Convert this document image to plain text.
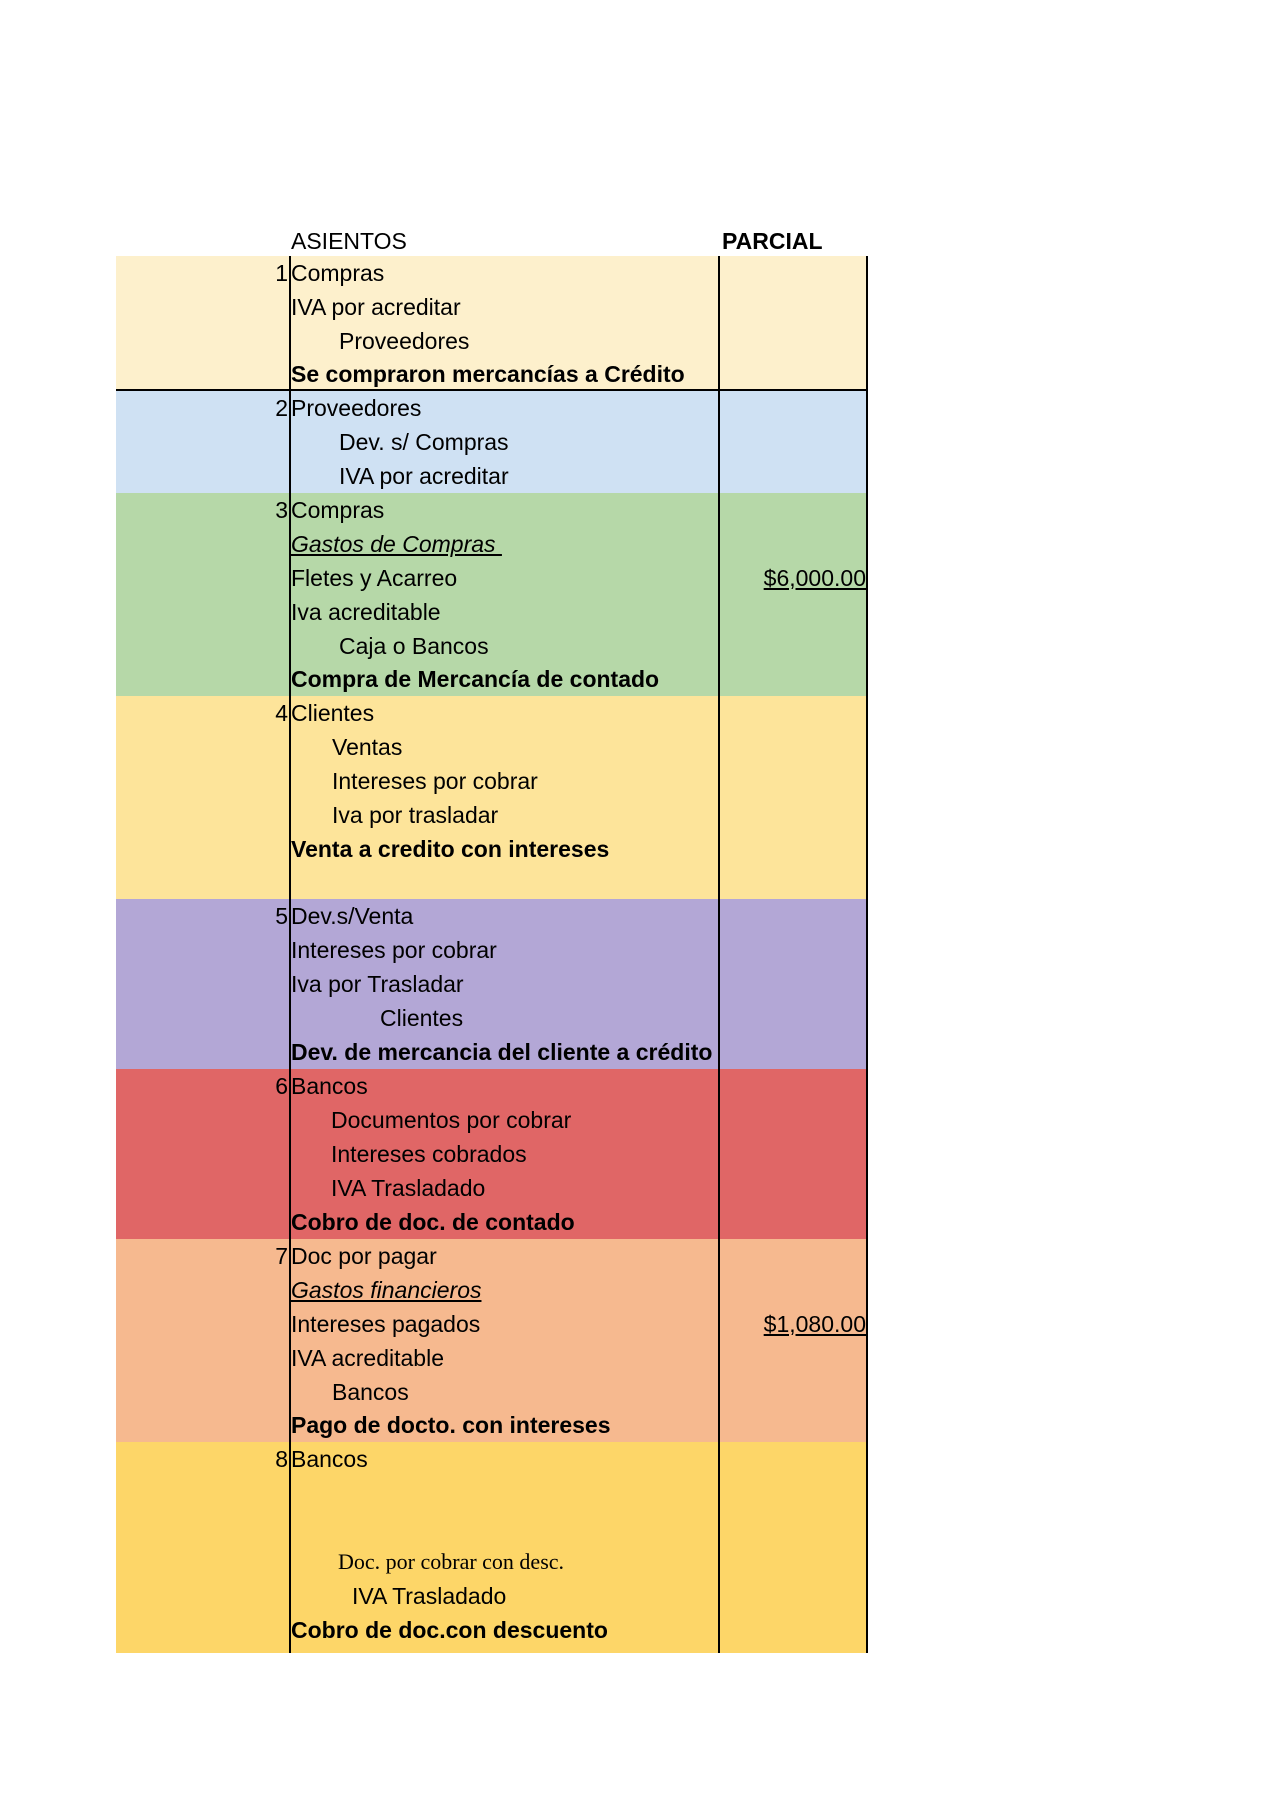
ASIENTOS	PARCIAL
1 Compras
IVA por acreditar
Proveedores
Se compraron mercancías a Crédito
2 Proveedores
Dev. s/ Compras
IVA por acreditar
3 Compras
Gastos de Compras
Fletes y Acarreo	$6,000.00
Iva acreditable
Caja o Bancos
Compra de Mercancía de contado
4 Clientes
Ventas
Intereses por cobrar
Iva por trasladar
Venta a credito con intereses
5 Dev.s/Venta
Intereses por cobrar
Iva por Trasladar
Clientes
Dev. de mercancia del cliente a crédito
6 Bancos
Documentos por cobrar
Intereses cobrados
IVA Trasladado
Cobro de doc. de contado
7 Doc por pagar
Gastos financieros
Intereses pagados	$1,080.00
IVA acreditable
Bancos
Pago de docto. con intereses
8 Bancos
Doc. por cobrar con desc.
IVA Trasladado
Cobro de doc.con descuento
